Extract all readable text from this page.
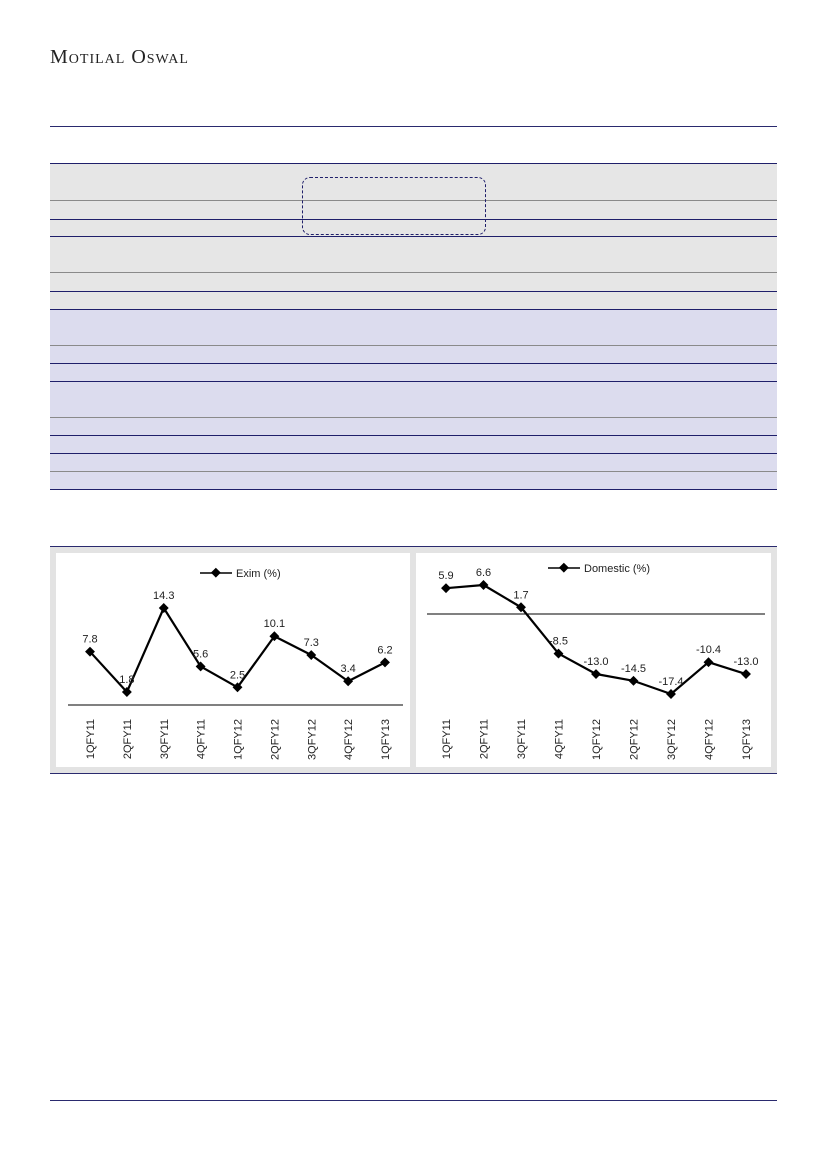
Motilal Oswal
Exim (%)
7.8
1QFY11
1.8
2QFY11
14.3
3QFY11
5.6
4QFY11
2.5
1QFY12
10.1
2QFY12
7.3
3QFY12
3.4
4QFY12
6.2
1QFY13
Domestic (%)
5.9
1QFY11
6.6
2QFY11
1.7
3QFY11
-8.5
4QFY11
-13.0
1QFY12
-14.5
2QFY12
-17.4
3QFY12
-10.4
4QFY12
-13.0
1QFY13
